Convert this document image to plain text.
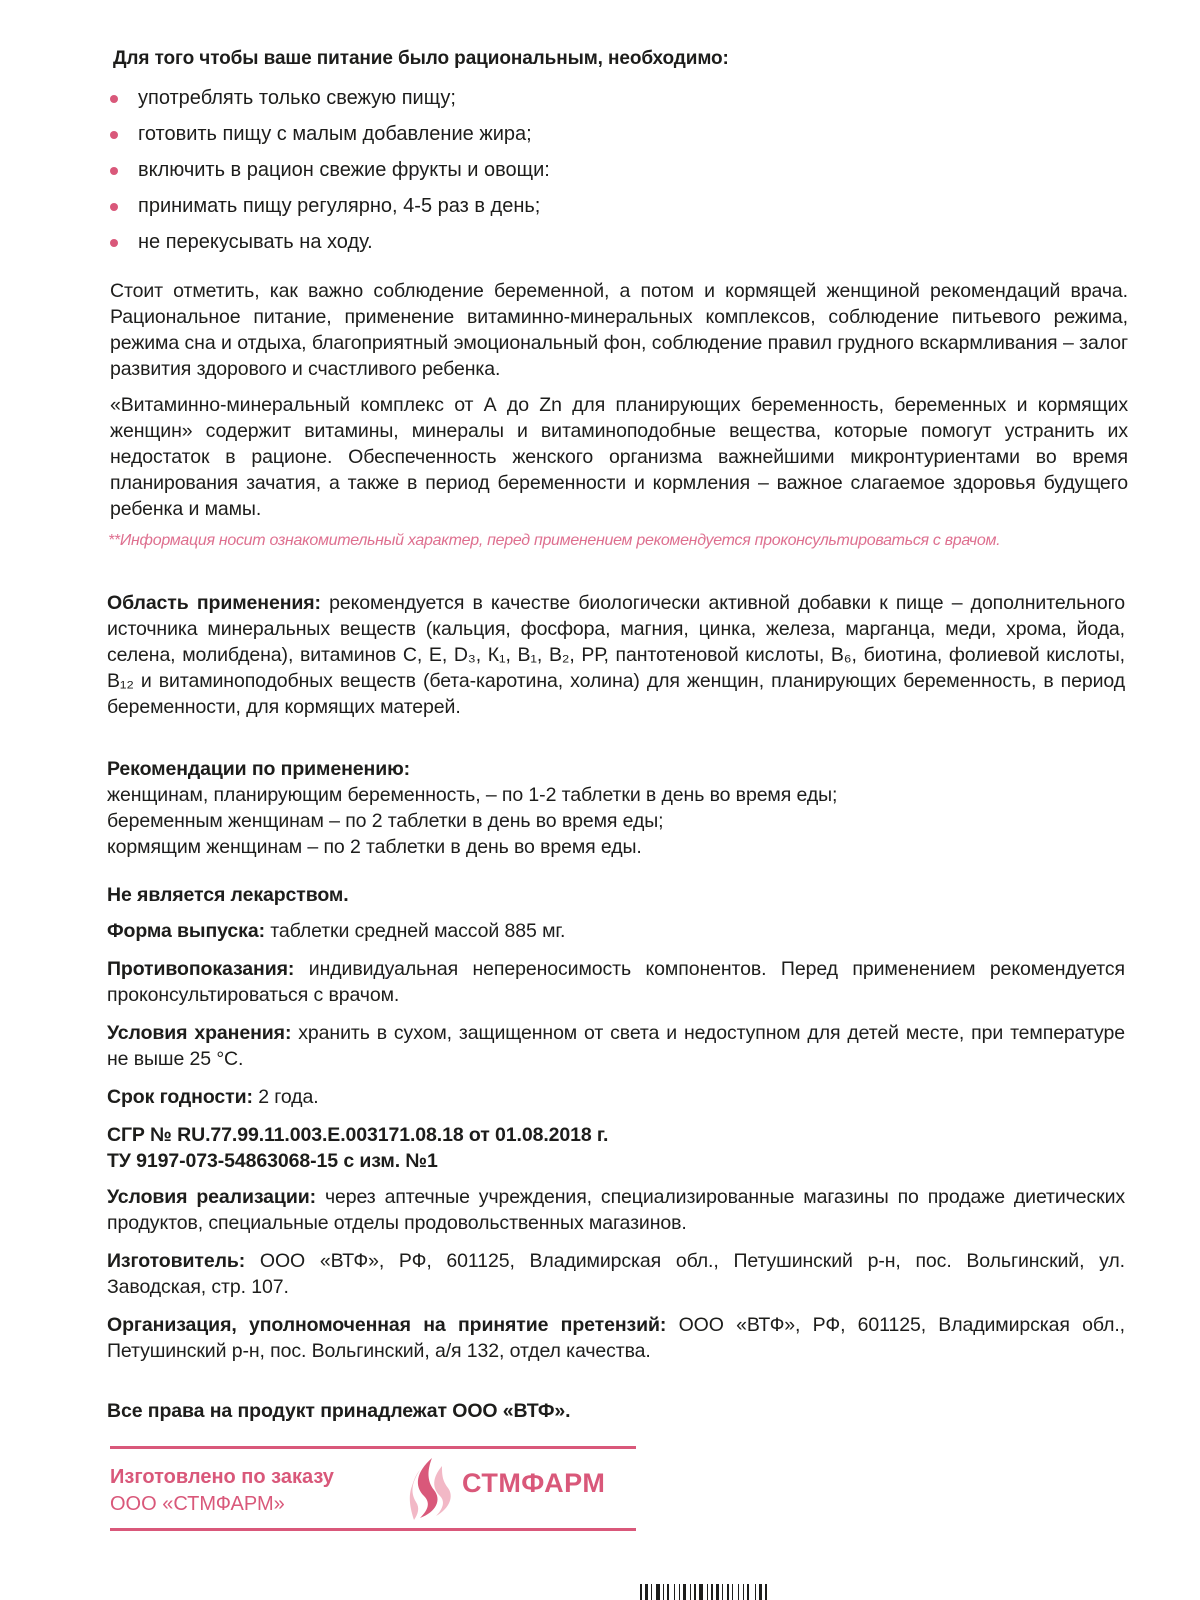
Для того чтобы ваше питание было рациональным, необходимо:
употреблять только свежую пищу;
готовить пищу с малым добавление жира;
включить в рацион свежие фрукты и овощи:
принимать пищу регулярно, 4-5 раз в день;
не перекусывать на ходу.

Стоит отметить, как важно соблюдение беременной, а потом и кормящей женщиной рекомендаций врача. Рациональное питание, применение витаминно-минеральных комплексов, соблюдение питьевого режима, режима сна и отдыха, благоприятный эмоциональный фон, соблюдение правил грудного вскармливания – залог развития здорового и счастливого ребенка.

«Витаминно-минеральный комплекс от А до Zn для планирующих беременность, беременных и кормящих женщин» содержит витамины, минералы и витаминоподобные вещества, которые помогут устранить их недостаток в рационе. Обеспеченность женского организма важнейшими микронтуриентами во время планирования зачатия, а также в период беременности и кормления – важное слагаемое здоровья будущего ребенка и мамы.

**Информация носит ознакомительный характер, перед применением рекомендуется проконсультироваться с врачом.

Область применения: рекомендуется в качестве биологически активной добавки к пище – дополнительного источника минеральных веществ (кальция, фосфора, магния, цинка, железа, марганца, меди, хрома, йода, селена, молибдена), витаминов С, Е, D₃, К₁, В₁, В₂, РР, пантотеновой кислоты, В₆, биотина, фолиевой кислоты, В₁₂ и витаминоподобных веществ (бета-каротина, холина) для женщин, планирующих беременность, в период беременности, для кормящих матерей.

Рекомендации по применению:
женщинам, планирующим беременность, – по 1-2 таблетки в день во время еды;
беременным женщинам – по 2 таблетки в день во время еды;
кормящим женщинам – по 2 таблетки в день во время еды.
Не является лекарством.

Форма выпуска: таблетки средней массой 885 мг.

Противопоказания: индивидуальная непереносимость компонентов. Перед применением рекомендуется проконсультироваться с врачом.

Условия хранения: хранить в сухом, защищенном от света и недоступном для детей месте, при температуре не выше 25 °С.

Срок годности: 2 года.

СГР № RU.77.99.11.003.Е.003171.08.18 от 01.08.2018 г.
ТУ 9197-073-54863068-15 с изм. №1

Условия реализации: через аптечные учреждения, специализированные магазины по продаже диетических продуктов, специальные отделы продовольственных магазинов.

Изготовитель: ООО «ВТФ», РФ, 601125, Владимирская обл., Петушинский р-н, пос. Вольгинский, ул. Заводская, стр. 107.

Организация, уполномоченная на принятие претензий: ООО «ВТФ», РФ, 601125, Владимирская обл., Петушинский р-н, пос. Вольгинский, а/я 132, отдел качества.

Все права на продукт принадлежат ООО «ВТФ».
Изготовлено по заказу
ООО «СТМФАРМ»
СТМФАРМ
